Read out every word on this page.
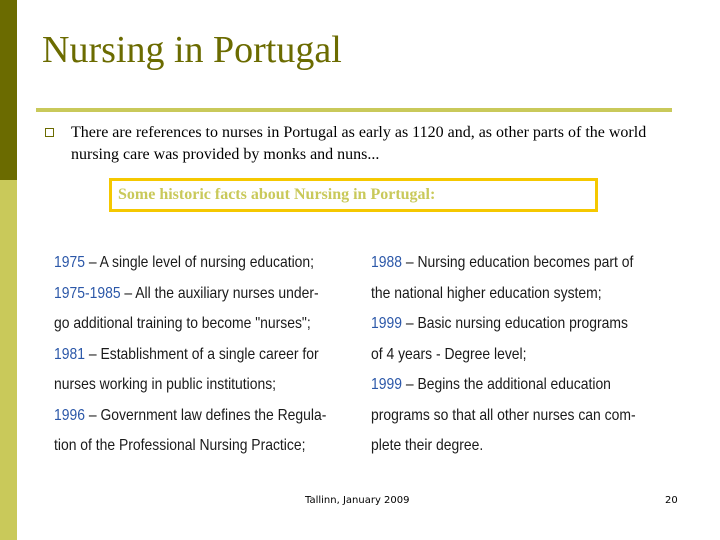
Nursing in Portugal
There are references to nurses in Portugal as early as 1120 and, as other parts of the world nursing care was provided by monks and nuns...
Some historic facts about Nursing in Portugal:
1975 – A single level of nursing education;
1975-1985 – All the auxiliary nurses under-
go additional training to become "nurses";
1981 – Establishment of a single career for
nurses working in public institutions;
1996 – Government law defines the Regula-
tion of the Professional Nursing Practice;
1988 – Nursing education becomes part of
the national higher education system;
1999 – Basic nursing education programs
of 4 years - Degree level;
1999 – Begins the additional education
programs so that all other nurses can com-
plete their degree.
Tallinn, January 2009	20
